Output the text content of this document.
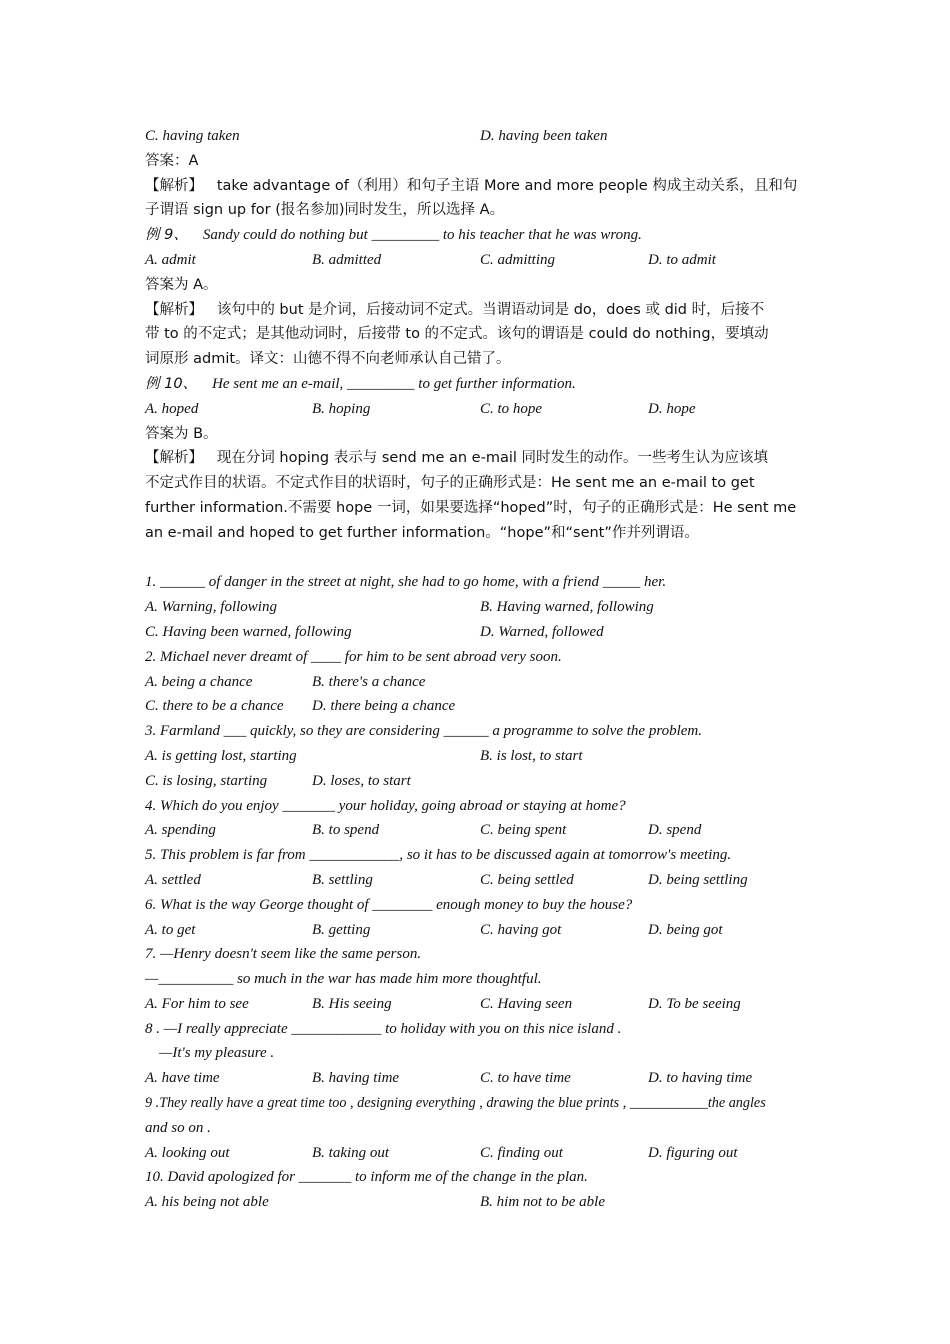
C. having taken	D. having been taken
答案：A
【解析】 take advantage of（利用）和句子主语 More and more people 构成主动关系，且和句
子谓语 sign up for (报名参加)同时发生，所以选择 A。
例 9、 Sandy could do nothing but _________ to his teacher that he was wrong.
A. admit	B. admitted	C. admitting	D. to admit
答案为 A。
【解析】 该句中的 but 是介词，后接动词不定式。当谓语动词是 do，does 或 did 时，后接不
带 to 的不定式；是其他动词时，后接带 to 的不定式。该句的谓语是 could do nothing，要填动
词原形 admit。译文：山德不得不向老师承认自己错了。
例 10、 He sent me an e-mail, _________ to get further information.
A. hoped	B. hoping	C. to hope	D. hope
答案为 B。
【解析】 现在分词 hoping 表示与 send me an e-mail 同时发生的动作。一些考生认为应该填
不定式作目的状语。不定式作目的状语时，句子的正确形式是：He sent me an e-mail to get
further information.不需要 hope 一词，如果要选择“hoped”时，句子的正确形式是：He sent me
an e-mail and hoped to get further information。“hope”和“sent”作并列谓语。
1. ______ of danger in the street at night, she had to go home, with a friend _____ her.
A. Warning, following	B. Having warned, following
C. Having been warned, following	D. Warned, followed
2. Michael never dreamt of ____ for him to be sent abroad very soon.
A. being a chance	B. there's a chance
C. there to be a chance D. there being a chance
3. Farmland ___ quickly, so they are considering ______ a programme to solve the problem.
A. is getting lost, starting	B. is lost, to start
C. is losing, starting	D. loses, to start
4. Which do you enjoy _______ your holiday, going abroad or staying at home?
A. spending	B. to spend	C. being spent	D. spend
5. This problem is far from ____________, so it has to be discussed again at tomorrow's meeting.
A. settled	B. settling	C. being settled	D. being settling
6. What is the way George thought of ________ enough money to buy the house?
A. to get	B. getting	C. having got	D. being got
7. —Henry doesn't seem like the same person.
—__________ so much in the war has made him more thoughtful.
A. For him to see	B. His seeing	C. Having seen	D. To be seeing
8 . —I really appreciate ____________ to holiday with you on this nice island .
—It's my pleasure .
A. have time	B. having time	C. to have time	D. to having time
9 .They really have a great time too , designing everything , drawing the blue prints , ___________the angles
and so on .
A. looking out	B. taking out	C. finding out	D. figuring out
10. David apologized for _______ to inform me of the change in the plan.
A. his being not able	B. him not to be able
